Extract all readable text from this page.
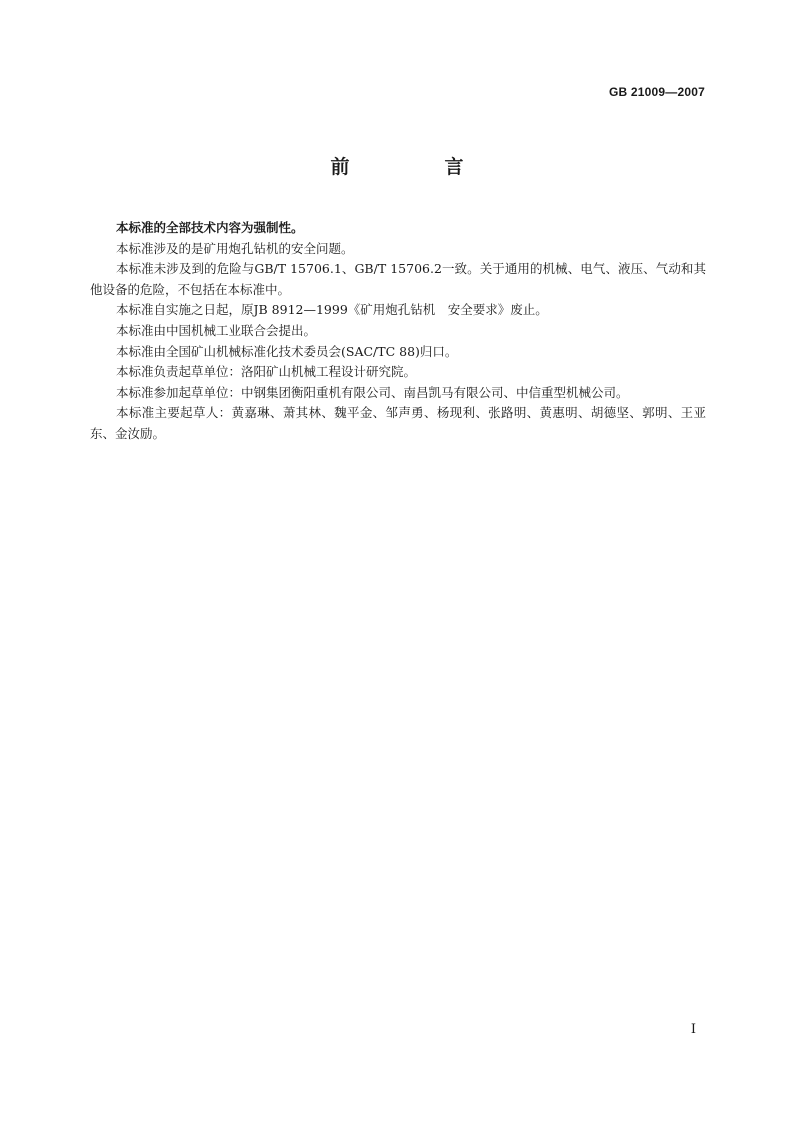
GB 21009—2007
前　言

本标准的全部技术内容为强制性。

本标准涉及的是矿用炮孔钻机的安全问题。

本标准未涉及到的危险与GB/T 15706.1、GB/T 15706.2一致。关于通用的机械、电气、液压、气动和其他设备的危险，不包括在本标准中。

本标准自实施之日起，原JB 8912—1999《矿用炮孔钻机　安全要求》废止。

本标准由中国机械工业联合会提出。

本标准由全国矿山机械标准化技术委员会(SAC/TC 88)归口。

本标准负责起草单位：洛阳矿山机械工程设计研究院。

本标准参加起草单位：中钢集团衡阳重机有限公司、南昌凯马有限公司、中信重型机械公司。

本标准主要起草人：黄嘉琳、萧其林、魏平金、邹声勇、杨现利、张路明、黄惠明、胡德坚、郭明、王亚东、金汝励。

I
